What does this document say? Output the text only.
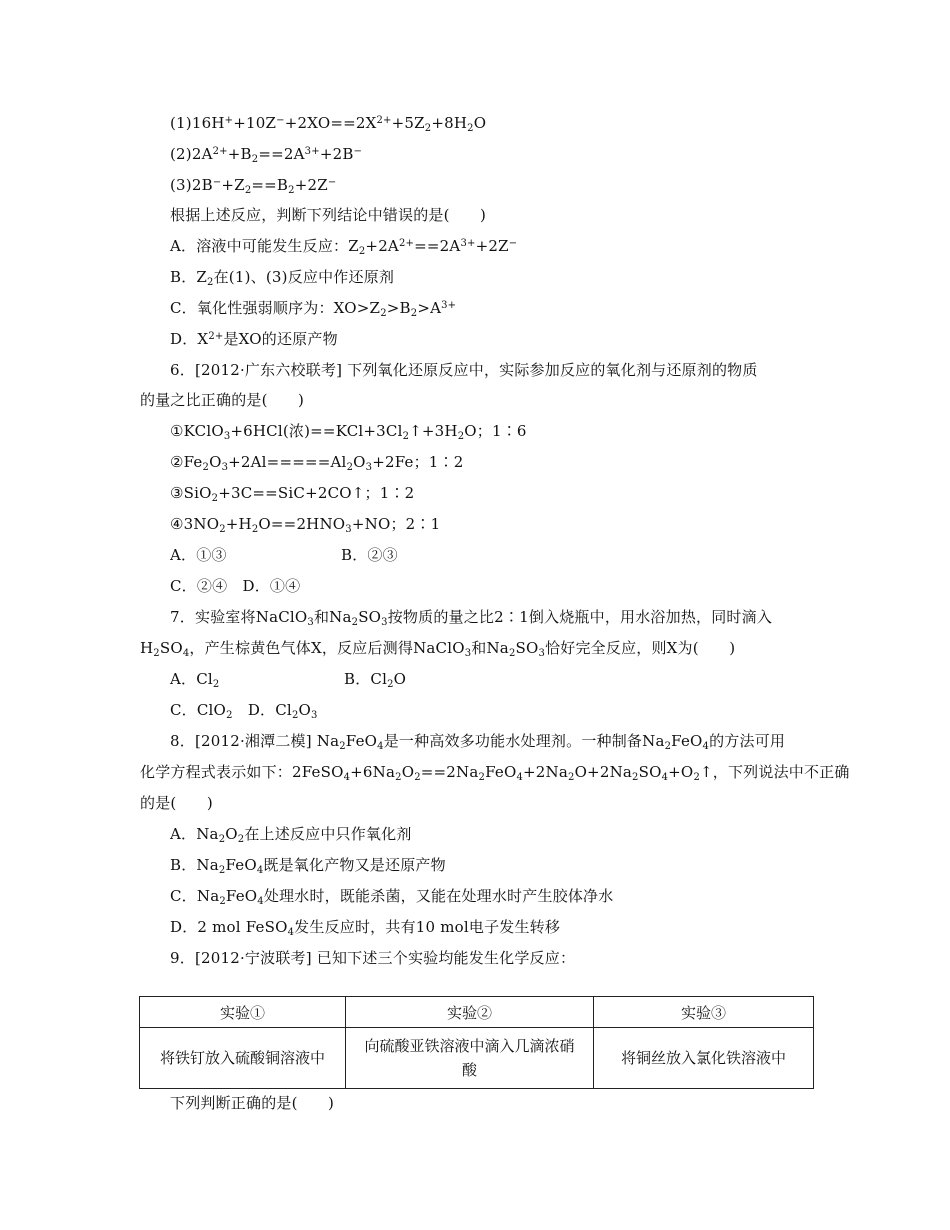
$(1)16H^++10Z^-+2XO==2X^{2+}+5Z_2+8H_2O$
$(2)2A^{2+}+B_2==2A^{3+}+2B^-$
$(3)2B^-+Z_2==B_2+2Z^-$
根据上述反应，判断下列结论中错误的是(　　)
A．溶液中可能发生反应：$Z_2+2A^{2+}==2A^{3+}+2Z^-$
B．$Z_2$在(1)、(3)反应中作还原剂
C．氧化性强弱顺序为：$XO>Z_2>B_2>A^{3+}$
D．$X^{2+}$是XO的还原产物
6．[2012·广东六校联考] 下列氧化还原反应中，实际参加反应的氧化剂与还原剂的物质
的量之比正确的是(　　)
①KClO$_3$+6HCl(浓)$==KCl+3Cl_2↑+3H_2O$；1∶6
$②Fe_2O_3+2Al=====Al_2O_3+2Fe$；1∶2
③SiO$_2$+3C==SiC+2CO↑；1∶2
$④3NO_2+H_2O==2HNO_3+NO$；2∶1
A．①③	B．②③
C．②④　D．①④
7．实验室将NaClO$_3$和$Na_2SO_3$按物质的量之比2∶1倒入烧瓶中，用水浴加热，同时滴入
$H_2SO_4$，产生棕黄色气体X，反应后测得NaClO$_3$和$Na_2SO_3$恰好完全反应，则X为(　　)
A．$Cl_2$	B．$Cl_2O$
C．ClO$_2$　D．$Cl_2O_3$
8．[2012·湘潭二模] $Na_2FeO_4$是一种高效多功能水处理剂。一种制备$Na_2FeO_4$的方法可用
化学方程式表示如下：$2FeSO_4+6Na_2O_2==2Na_2FeO_4+2Na_2O+2Na_2SO_4+O_2↑$，下列说法中不正确
的是(　　)
A．$Na_2O_2$在上述反应中只作氧化剂
B．$Na_2FeO_4$既是氧化产物又是还原产物
C．$Na_2FeO_4$处理水时，既能杀菌，又能在处理水时产生胶体净水
D．2 mol FeSO$_4$发生反应时，共有10 mol电子发生转移
9．[2012·宁波联考] 已知下述三个实验均能发生化学反应：
实验①	实验②	实验③
将铁钉放入硫酸铜溶液中	向硫酸亚铁溶液中滴入几滴浓硝酸	将铜丝放入氯化铁溶液中
下列判断正确的是(　　)
